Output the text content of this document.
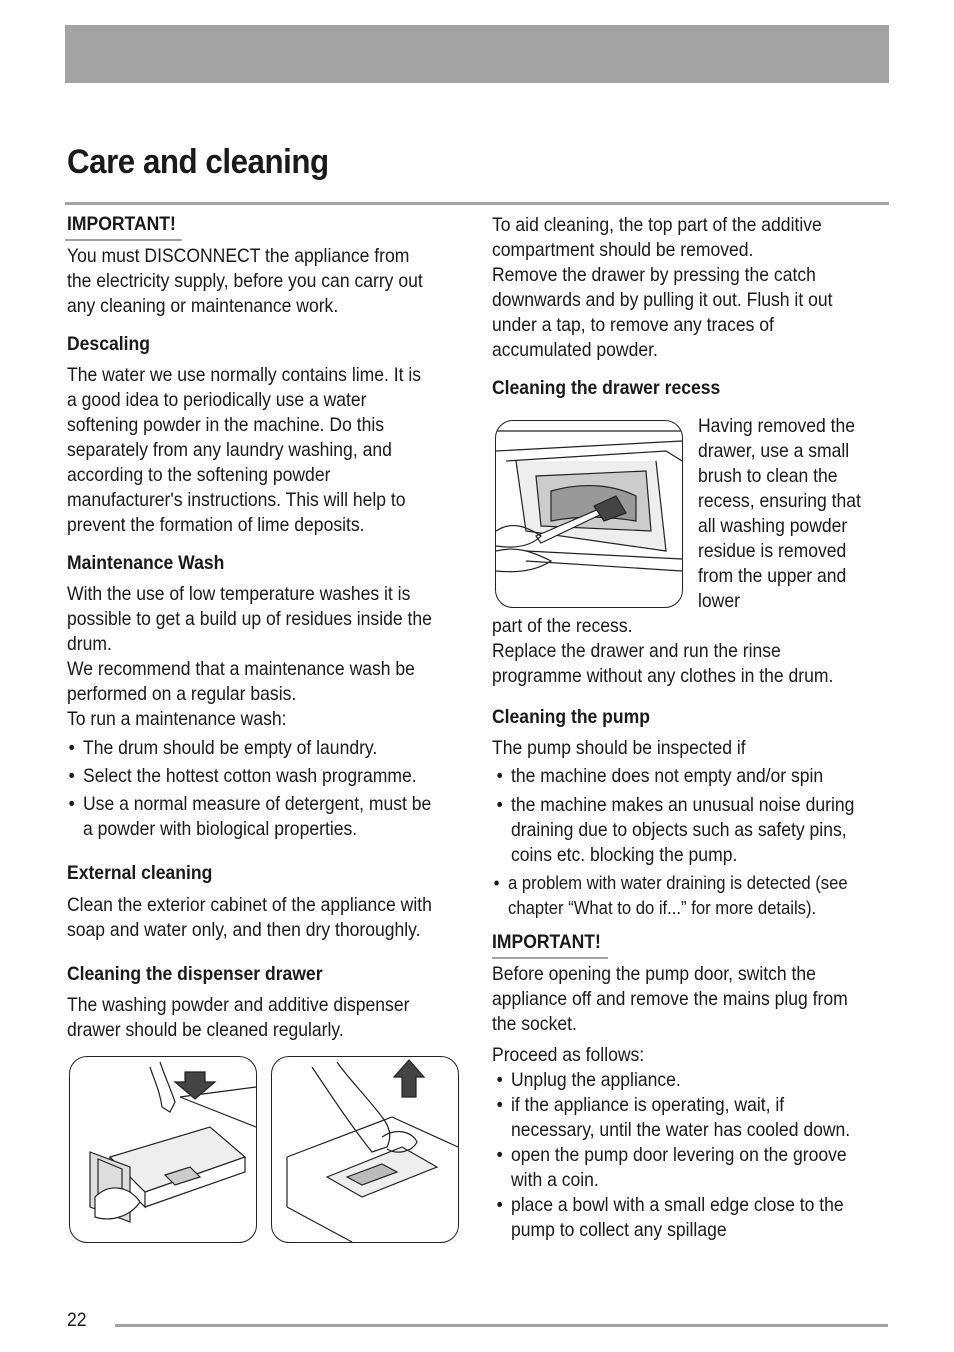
Care and cleaning
IMPORTANT!

You must DISCONNECT the appliance from

the electricity supply, before you can carry out

any cleaning or maintenance work.

Descaling

The water we use normally contains lime. It is

a good idea to periodically use a water

softening powder in the machine. Do this

separately from any laundry washing, and

according to the softening powder

manufacturer's instructions. This will help to

prevent the formation of lime deposits.

Maintenance Wash

With the use of low temperature washes it is

possible to get a build up of residues inside the

drum.

We recommend that a maintenance wash be

performed on a regular basis.

To run a maintenance wash:

• The drum should be empty of laundry.
• Select the hottest cotton wash programme.
• Use a normal measure of detergent, must be
a powder with biological properties.

External cleaning

Clean the exterior cabinet of the appliance with

soap and water only, and then dry thoroughly.

Cleaning the dispenser drawer

The washing powder and additive dispenser

drawer should be cleaned regularly.

To aid cleaning, the top part of the additive

compartment should be removed.

Remove the drawer by pressing the catch

downwards and by pulling it out. Flush it out

under a tap, to remove any traces of

accumulated powder.

Cleaning the drawer recess

Having removed the

drawer, use a small

brush to clean the

recess, ensuring that

all washing powder

residue is removed

from the upper and

lower

part of the recess.

Replace the drawer and run the rinse

programme without any clothes in the drum.

Cleaning the pump

The pump should be inspected if

• the machine does not empty and/or spin
• the machine makes an unusual noise during
draining due to objects such as safety pins,
coins etc. blocking the pump.
• a problem with water draining is detected (see
chapter “What to do if...” for more details).
IMPORTANT!

Before opening the pump door, switch the

appliance off and remove the mains plug from

the socket.

Proceed as follows:

• Unplug the appliance.
• if the appliance is operating, wait, if
necessary, until the water has cooled down.
• open the pump door levering on the groove
with a coin.
• place a bowl with a small edge close to the
pump to collect any spillage
22
